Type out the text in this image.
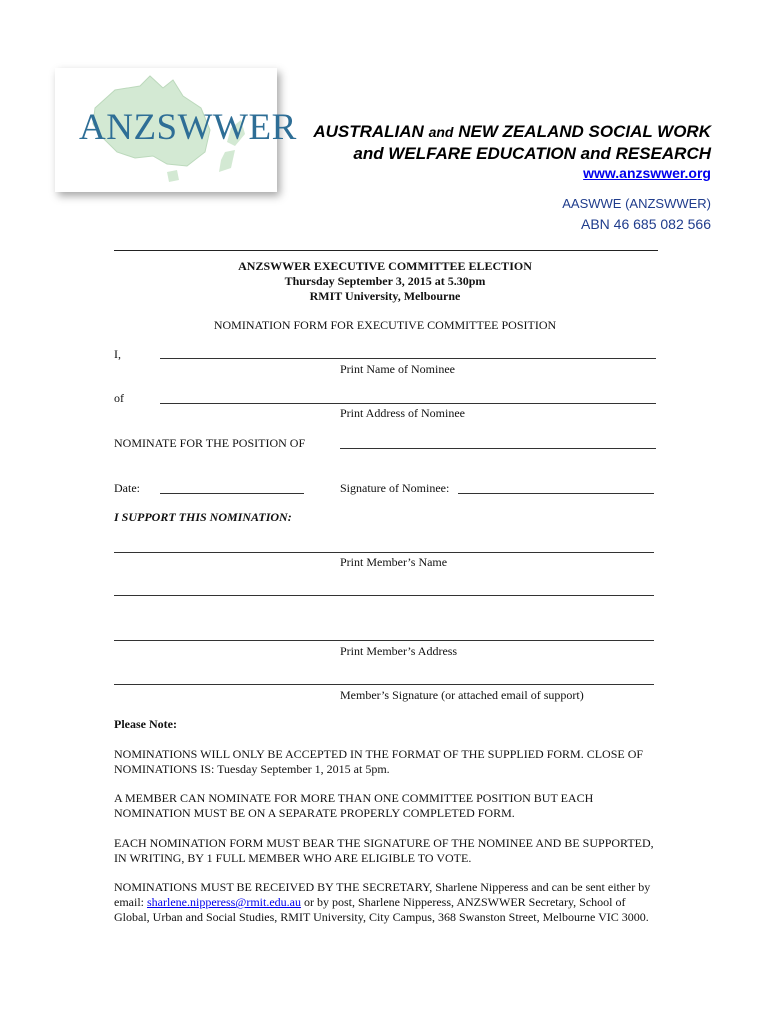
ANZSWWER AUSTRALIAN and NEW ZEALAND SOCIAL WORK
and WELFARE EDUCATION and RESEARCH
www.anzswwer.org
AASWWE (ANZSWWER)
ABN 46 685 082 566
ANZSWWER EXECUTIVE COMMITTEE ELECTION
Thursday September 3, 2015 at 5.30pm
RMIT University, Melbourne
NOMINATION FORM FOR EXECUTIVE COMMITTEE POSITION
I,
Print Name of Nominee
of
Print Address of Nominee
NOMINATE FOR THE POSITION OF
Date:	Signature of Nominee:
I SUPPORT THIS NOMINATION:
Print Member’s Name
Print Member’s Address
Member’s Signature (or attached email of support)
Please Note:
NOMINATIONS WILL ONLY BE ACCEPTED IN THE FORMAT OF THE SUPPLIED FORM. CLOSE OF NOMINATIONS IS: Tuesday September 1, 2015 at 5pm.
A MEMBER CAN NOMINATE FOR MORE THAN ONE COMMITTEE POSITION BUT EACH NOMINATION MUST BE ON A SEPARATE PROPERLY COMPLETED FORM.
EACH NOMINATION FORM MUST BEAR THE SIGNATURE OF THE NOMINEE AND BE SUPPORTED, IN WRITING, BY 1 FULL MEMBER WHO ARE ELIGIBLE TO VOTE.
NOMINATIONS MUST BE RECEIVED BY THE SECRETARY, Sharlene Nipperess and can be sent either by email: sharlene.nipperess@rmit.edu.au or by post, Sharlene Nipperess, ANZSWWER Secretary, School of Global, Urban and Social Studies, RMIT University, City Campus, 368 Swanston Street, Melbourne VIC 3000.
